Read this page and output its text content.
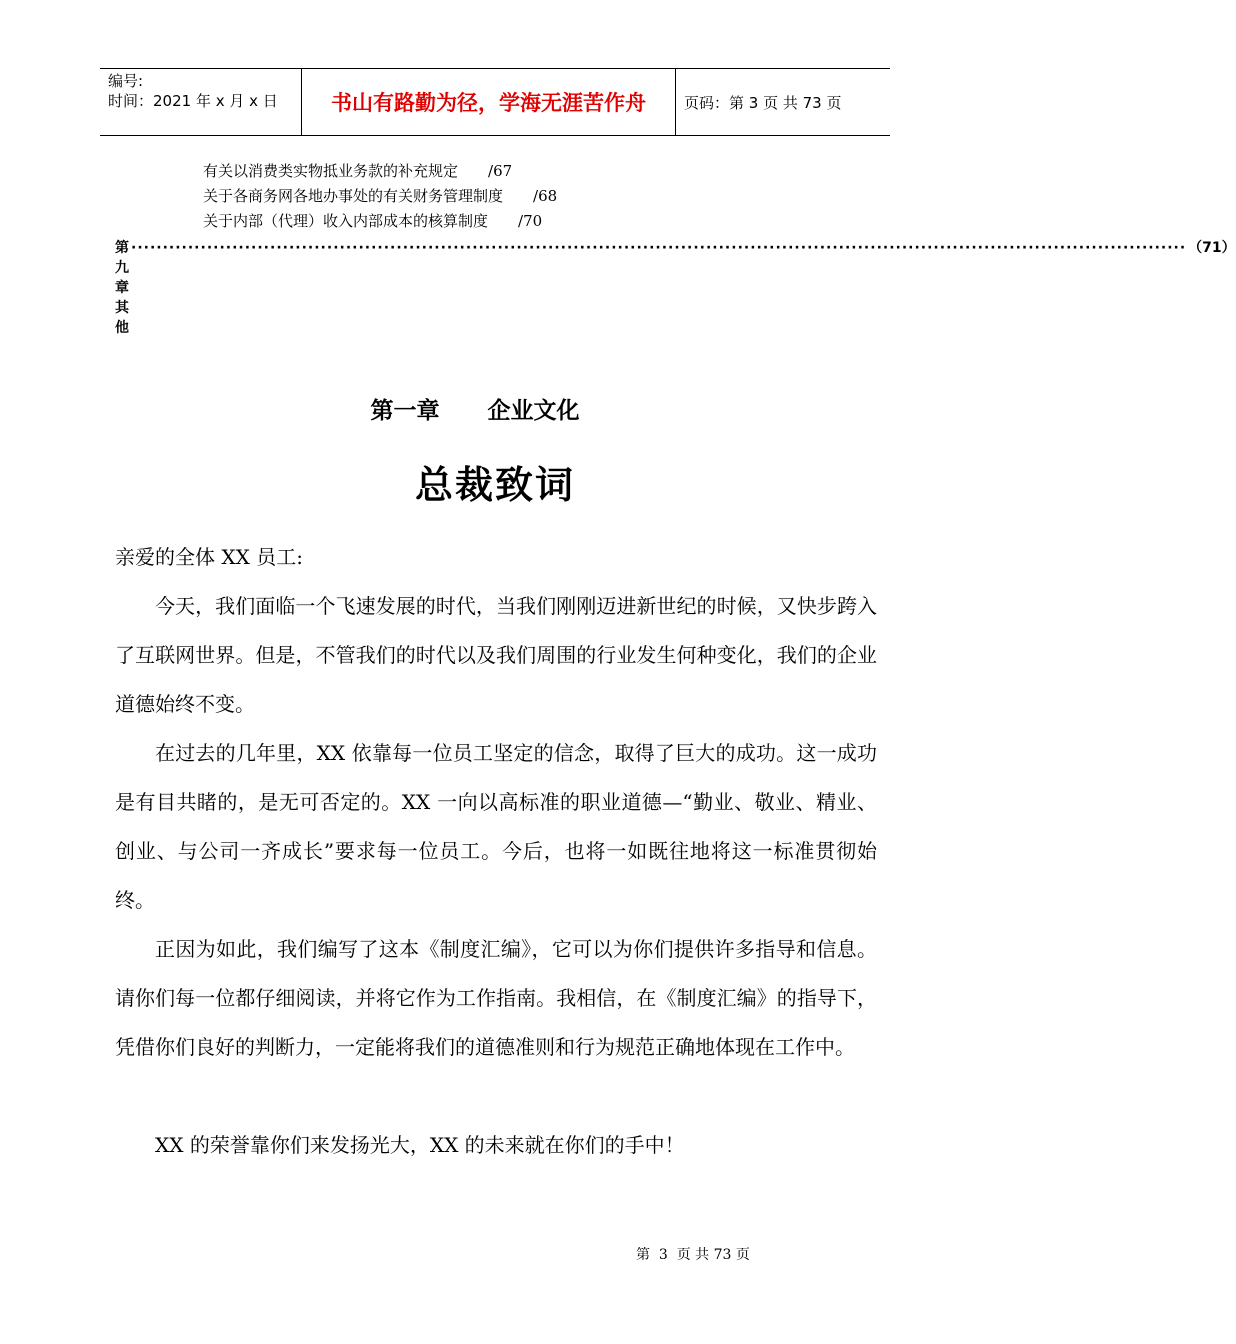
编号:
时间：2021 年 x 月 x 日	书山有路勤为径，学海无涯苦作舟	页码：第 3 页 共 73 页
有关以消费类实物抵业务款的补充规定 /67
关于各商务网各地办事处的有关财务管理制度 /68
关于内部（代理）收入内部成本的核算制度 /70
第九章 其他
······································································································································································· （71）
第一章      企业文化
总裁致词
亲爱的全体 XX 员工:

今天，我们面临一个飞速发展的时代，当我们刚刚迈进新世纪的时候，又快步跨入了互联网世界。但是，不管我们的时代以及我们周围的行业发生何种变化，我们的企业道德始终不变。

在过去的几年里，XX 依靠每一位员工坚定的信念，取得了巨大的成功。这一成功是有目共睹的，是无可否定的。XX 一向以高标准的职业道德—“勤业、敬业、精业、创业、与公司一齐成长”要求每一位员工。今后，也将一如既往地将这一标准贯彻始终。

正因为如此，我们编写了这本《制度汇编》，它可以为你们提供许多指导和信息。请你们每一位都仔细阅读，并将它作为工作指南。我相信，在《制度汇编》的指导下，凭借你们良好的判断力，一定能将我们的道德准则和行为规范正确地体现在工作中。

XX 的荣誉靠你们来发扬光大，XX 的未来就在你们的手中！

第  3  页 共 73 页
